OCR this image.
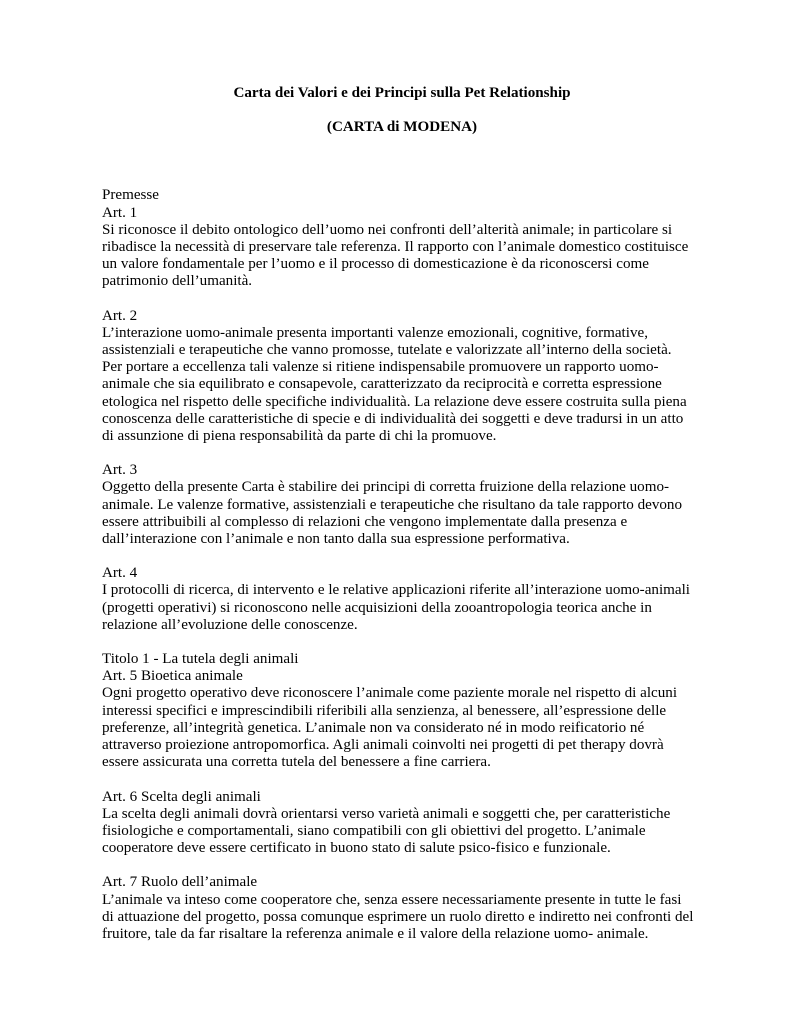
Carta dei Valori e dei Principi sulla Pet Relationship

(CARTA di MODENA)

Premesse
Art. 1

Si riconosce il debito ontologico dell’uomo nei confronti dell’alterità animale; in particolare si ribadisce la necessità di preservare tale referenza. Il rapporto con l’animale domestico costituisce un valore fondamentale per l’uomo e il processo di domesticazione è da riconoscersi come patrimonio dell’umanità.

Art. 2

L’interazione uomo-animale presenta importanti valenze emozionali, cognitive, formative, assistenziali e terapeutiche che vanno promosse, tutelate e valorizzate all’interno della società. Per portare a eccellenza tali valenze si ritiene indispensabile promuovere un rapporto uomo-animale che sia equilibrato e consapevole, caratterizzato da reciprocità e corretta espressione etologica nel rispetto delle specifiche individualità. La relazione deve essere costruita sulla piena conoscenza delle caratteristiche di specie e di individualità dei soggetti e deve tradursi in un atto di assunzione di piena responsabilità da parte di chi la promuove.

Art. 3

Oggetto della presente Carta è stabilire dei principi di corretta fruizione della relazione uomo-animale. Le valenze formative, assistenziali e terapeutiche che risultano da tale rapporto devono essere attribuibili al complesso di relazioni che vengono implementate dalla presenza e dall’interazione con l’animale e non tanto dalla sua espressione performativa.

Art. 4

I protocolli di ricerca, di intervento e le relative applicazioni riferite all’interazione uomo-animali (progetti operativi) si riconoscono nelle acquisizioni della zooantropologia teorica anche in relazione all’evoluzione delle conoscenze.

Titolo 1 - La tutela degli animali
Art. 5 Bioetica animale

Ogni progetto operativo deve riconoscere l’animale come paziente morale nel rispetto di alcuni interessi specifici e imprescindibili riferibili alla senzienza, al benessere, all’espressione delle preferenze, all’integrità genetica. L’animale non va considerato né in modo reificatorio né attraverso proiezione antropomorfica. Agli animali coinvolti nei progetti di pet therapy dovrà essere assicurata una corretta tutela del benessere a fine carriera.

Art. 6 Scelta degli animali

La scelta degli animali dovrà orientarsi verso varietà animali e soggetti che, per caratteristiche fisiologiche e comportamentali, siano compatibili con gli obiettivi del progetto. L’animale cooperatore deve essere certificato in buono stato di salute psico-fisico e funzionale.

Art. 7 Ruolo dell’animale

L’animale va inteso come cooperatore che, senza essere necessariamente presente in tutte le fasi di attuazione del progetto, possa comunque esprimere un ruolo diretto e indiretto nei confronti del fruitore, tale da far risaltare la referenza animale e il valore della relazione uomo- animale.
